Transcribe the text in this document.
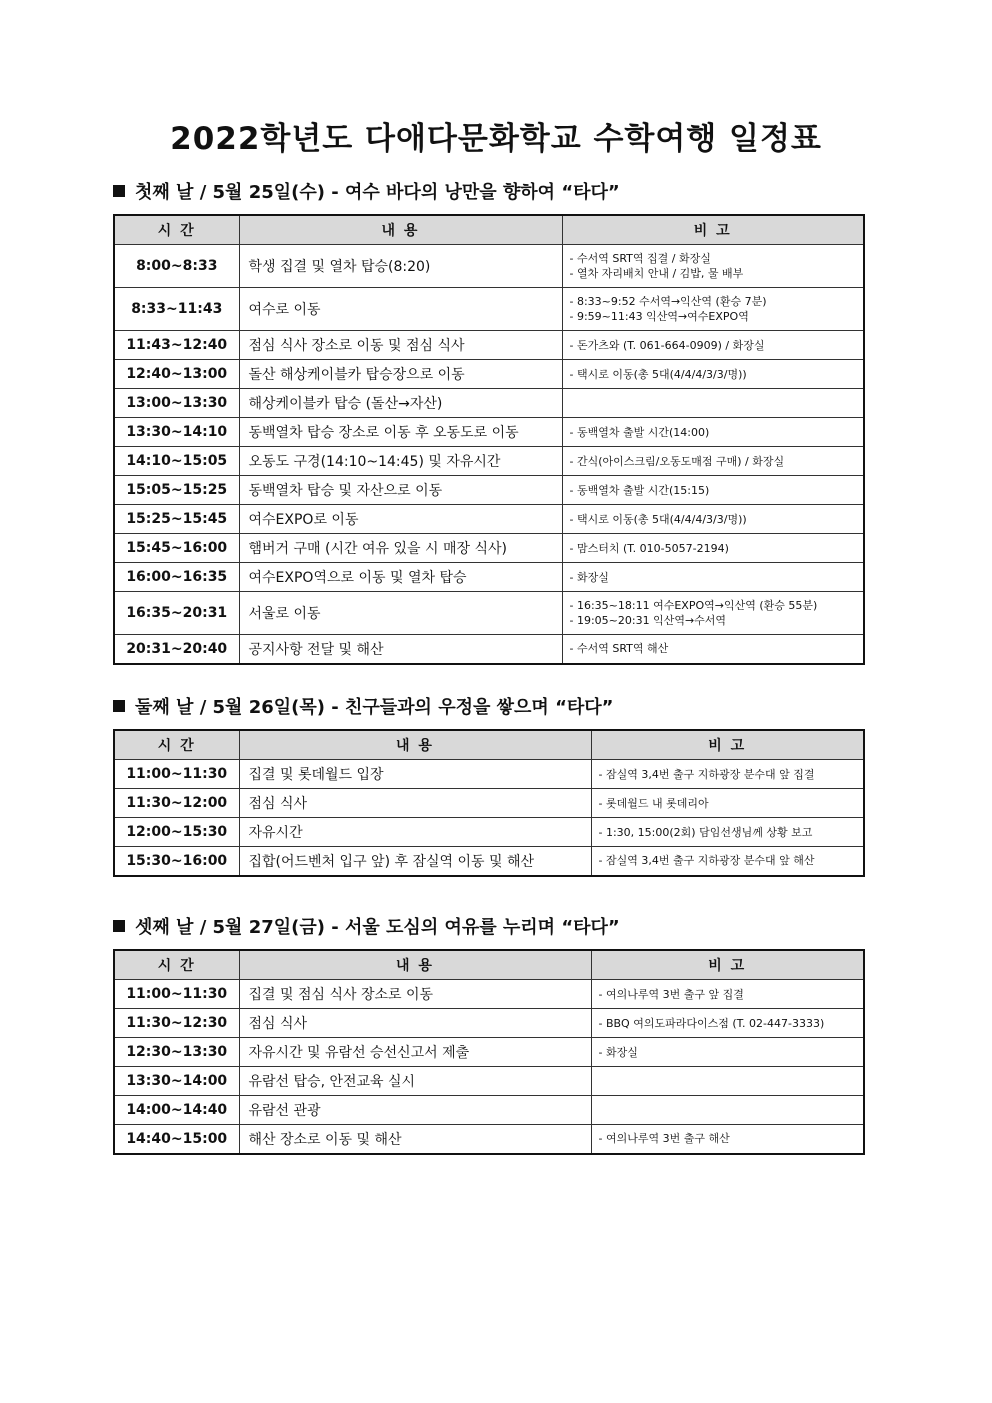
2022학년도 다애다문화학교 수학여행 일정표
첫째 날 / 5월 25일(수) - 여수 바다의 낭만을 향하여 “타다”
시 간	내 용	비 고
8:00~8:33	학생 집결 및 열차 탑승(8:20)	- 수서역 SRT역 집결 / 화장실
- 열차 자리배치 안내 / 김밥, 물 배부

8:33~11:43	여수로 이동	- 8:33~9:52 수서역→익산역 (환승 7분)
- 9:59~11:43 익산역→여수EXPO역

11:43~12:40	점심 식사 장소로 이동 및 점심 식사	- 돈가츠와 (T. 061-664-0909) / 화장실

12:40~13:00	돌산 해상케이블카 탑승장으로 이동	- 택시로 이동(총 5대(4/4/4/3/3/명))

13:00~13:30	해상케이블카 탑승 (돌산→자산)	

13:30~14:10	동백열차 탑승 장소로 이동 후 오동도로 이동	- 동백열차 출발 시간(14:00)

14:10~15:05	오동도 구경(14:10~14:45) 및 자유시간	- 간식(아이스크림/오동도매점 구매) / 화장실

15:05~15:25	동백열차 탑승 및 자산으로 이동	- 동백열차 출발 시간(15:15)

15:25~15:45	여수EXPO로 이동	- 택시로 이동(총 5대(4/4/4/3/3/명))

15:45~16:00	햄버거 구매 (시간 여유 있을 시 매장 식사)	- 맘스터치 (T. 010-5057-2194)

16:00~16:35	여수EXPO역으로 이동 및 열차 탑승	- 화장실

16:35~20:31	서울로 이동	- 16:35~18:11 여수EXPO역→익산역 (환승 55분)
- 19:05~20:31 익산역→수서역

20:31~20:40	공지사항 전달 및 해산	- 수서역 SRT역 해산
둘째 날 / 5월 26일(목) - 친구들과의 우정을 쌓으며 “타다”
시 간	내 용	비 고
11:00~11:30	집결 및 롯데월드 입장	- 잠실역 3,4번 출구 지하광장 분수대 앞 집결

11:30~12:00	점심 식사	- 롯데월드 내 롯데리아

12:00~15:30	자유시간	- 1:30, 15:00(2회) 담임선생님께 상황 보고

15:30~16:00	집합(어드벤처 입구 앞) 후 잠실역 이동 및 해산	- 잠실역 3,4번 출구 지하광장 분수대 앞 해산
셋째 날 / 5월 27일(금) - 서울 도심의 여유를 누리며 “타다”
시 간	내 용	비 고
11:00~11:30	집결 및 점심 식사 장소로 이동	- 여의나루역 3번 출구 앞 집결

11:30~12:30	점심 식사	- BBQ 여의도파라다이스점 (T. 02-447-3333)

12:30~13:30	자유시간 및 유람선 승선신고서 제출	- 화장실

13:30~14:00	유람선 탑승, 안전교육 실시	

14:00~14:40	유람선 관광	

14:40~15:00	해산 장소로 이동 및 해산	- 여의나루역 3번 출구 해산
